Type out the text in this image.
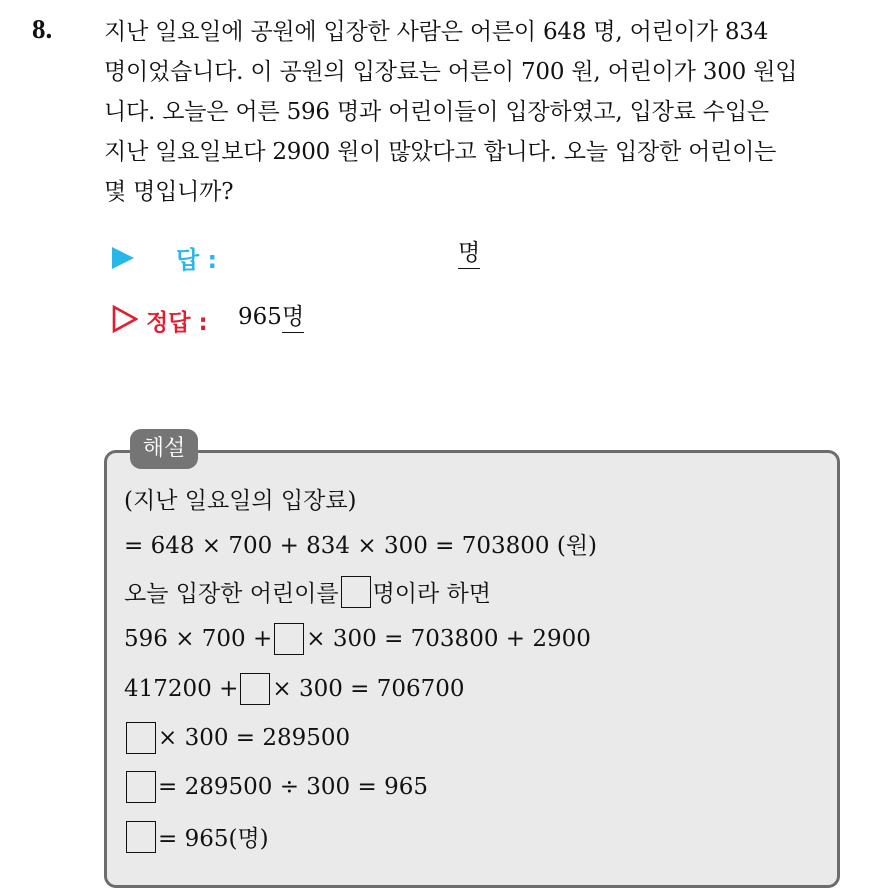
8. 지난 일요일에 공원에 입장한 사람은 어른이 648 명, 어린이가 834
명이었습니다. 이 공원의 입장료는 어른이 700 원, 어린이가 300 원입
니다. 오늘은 어른 596 명과 어린이들이 입장하였고, 입장료 수입은
지난 일요일보다 2900 원이 많았다고 합니다. 오늘 입장한 어린이는
몇 명입니까?
답 :	명
정답 : 965 명
해설
(지난 일요일의 입장료)
= 648 × 700 + 834 × 300 = 703800 (원)
오늘 입장한 어린이를 명이라 하면
596 × 700 + × 300 = 703800 + 2900
417200 + × 300 = 706700
× 300 = 289500
= 289500 ÷ 300 = 965
= 965(명)
